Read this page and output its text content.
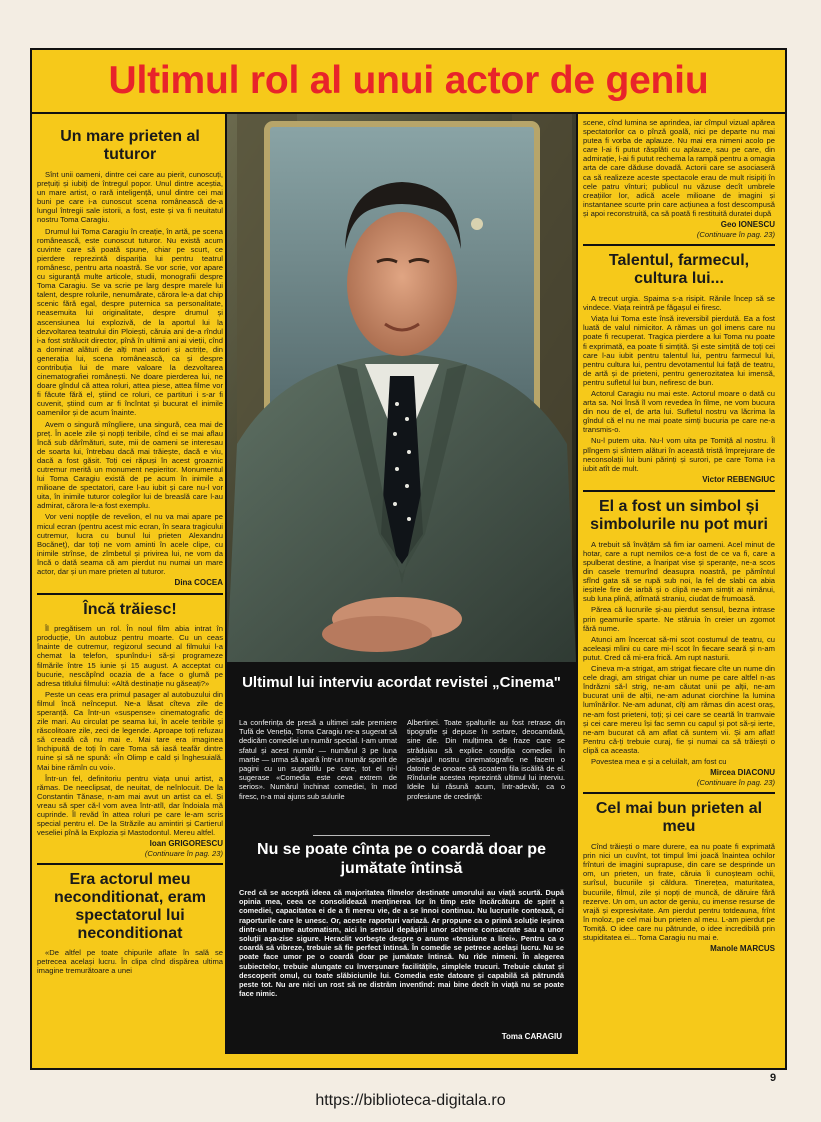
Ultimul rol al unui actor de geniu
Un mare prieten al tuturor

Sînt unii oameni, dintre cei care au pierit, cunoscuți, prețuiți și iubiți de întregul popor. Unul dintre aceștia, un mare artist, o rară inteligență, unul dintre cei mai buni pe care i-a cunoscut scena românească de-a lungul întregii sale istorii, a fost, este și va fi neuitatul nostru Toma Caragiu.

Drumul lui Toma Caragiu în creație, în artă, pe scena românească, este cunoscut tuturor. Nu există acum cuvinte care să poată spune, chiar pe scurt, ce pierdere reprezintă dispariția lui pentru teatrul românesc, pentru arta noastră. Se vor scrie, vor apare cu siguranță multe articole, studii, monografii despre Toma Caragiu. Se va scrie pe larg despre marele lui talent, despre rolurile, nenumărate, cărora le-a dat chip scenic fără egal, despre puternica sa personalitate, neasemuita lui originalitate, despre drumul și ascensiunea lui explozivă, de la aportul lui la dezvoltarea teatrului din Ploiești, căruia ani de-a rîndul i-a fost strălucit director, pînă în ultimii ani ai vieții, cînd a dominat alături de alți mari actori și actrițe, din generația lui, scena românească, ca și despre contribuția lui de mare valoare la dezvoltarea cinematografiei românești. Ne doare pierderea lui, ne doare gîndul că attea roluri, attea piese, attea filme vor fi făcute fără el, știind ce roluri, ce partituri i s-ar fi cuvenit, știind cum ar fi încîntat și bucurat el inimile oamenilor și de acum înainte.

Avem o singură mîngîiere, una singură, cea mai de preț. În acele zile și nopți teribile, cînd ei se mai aflau încă sub dărîmături, sute, mii de oameni se interesau de soarta lui, întrebau dacă mai trăiește, dacă e viu, dacă a fost găsit. Toți cei răpuși în acest groaznic cutremur merită un monument nepieritor. Monumentul lui Toma Caragiu există de pe acum în inimile a milioane de spectatori, care l-au iubit și care nu-l vor uita, în inimile tuturor colegilor lui de breaslă care l-au admirat, cărora le-a fost exemplu.

Vor veni nopțile de revelion, el nu va mai apare pe micul ecran (pentru acest mic ecran, în seara tragicului cutremur, lucra cu bunul lui prieten Alexandru Bocăneț), dar toți ne vom aminti în acele clipe, cu inimile strînse, de zîmbetul și privirea lui, ne vom da încă o dată seama că am pierdut nu numai un mare actor, dar și un mare prieten al tuturor.

Dina COCEA
Încă trăiesc!

Îl pregătisem un rol. În noul film abia intrat în producție, Un autobuz pentru moarte. Cu un ceas înainte de cutremur, regizorul secund al filmului l-a chemat la telefon, spunîndu-i să-și programeze filmările între 15 iunie și 15 august. A acceptat cu bucurie, nescăpînd ocazia de a face o glumă pe adresa titlului filmului: «Altă destinație nu găseați?»

Peste un ceas era primul pasager al autobuzului din filmul încă neînceput. Ne-a lăsat cîteva zile de speranță. Ca într-un «suspense» cinematografic de zile mari. Au circulat pe seama lui, în acele teribile și răscolitoare zile, zeci de legende. Aproape toți refuzau să creadă că nu mai e. Mai tare era imaginea închipuită de toți în care Toma să iasă teafăr dintre ruine și să ne spună: «În Olimp e cald și înghesuială. Mai bine rămîn cu voi».

Într-un fel, definitoriu pentru viața unui artist, a rămas. De neeclipsat, de neuitat, de neînlocuit. De la Constantin Tănase, n-am mai avut un artist ca el. Și vreau să sper că-l vom avea într-atîl, dar îndoiala mă cuprinde. Îl revăd în attea roluri pe care le-am scris special pentru el. De la Străzile au amintiri și Cartierul veseliei pînă la Explozia și Mastodontul. Mereu altfel.

Ioan GRIGORESCU
(Continuare în pag. 23)
Era actorul meu neconditionat, eram spectatorul lui neconditionat

«De altfel pe toate chipurile aflate în sală se petrecea același lucru. În clipa cînd dispărea ultima imagine tremurătoare a unei

Ultimul lui interviu acordat revistei „Cinema"

La conferința de presă a ultimei sale premiere Tufă de Veneția, Toma Caragiu ne-a sugerat să dedicăm comediei un număr special. I-am urmat sfatul și acest număr — numărul 3 pe luna martie — urma să apară într-un număr sporit de pagini cu un supratitlu pe care, tot el ni-l sugerase «Comedia este ceva extrem de serios». Numărul închinat comediei, în mod firesc, n-a mai ajuns sub sulurile

Albertinei. Toate șpalturile au fost retrase din tipografie și depuse în sertare, deocamdată, sine die. Din mulțimea de fraze care se străduiau să explice condiția comediei în peisajul nostru cinematografic ne facem o datorie de onoare să scoatem fila iscălită de el. Rîndurile acestea reprezintă ultimul lui interviu. Ideile lui răsună acum, într-adevăr, ca o profesiune de credință:

Nu se poate cînta pe o coardă doar pe jumătate întinsă

Cred că se acceptă ideea că majoritatea filmelor destinate umorului au viață scurtă. După opinia mea, ceea ce consolidează menținerea lor în timp este încărcătura de spirit a comediei, capacitatea ei de a fi mereu vie, de a se înnoi continuu. Nu lucrurile contează, ci raporturile care le unesc. Or, aceste raporturi variază. Ar propune ca o primă soluție ieșirea dintr-un anume automatism, aici în sensul depășirii unor scheme consacrate sau a unor soluții așa-zise sigure. Heraclit vorbește despre o anume «tensiune a lirei». Pentru ca o coardă să vibreze, trebuie să fie perfect întinsă. În comedie se petrece același lucru. Nu se poate face umor pe o coardă doar pe jumătate întinsă. Nu rîde nimeni. În alegerea subiectelor, trebuie alungate cu înverșunare facilitățile, simplele trucuri. Trebuie căutat și descoperit omul, cu toate slăbiciunile lui. Comedia este datoare și capabilă să pătrundă peste tot. Nu are nici un rost să ne distrăm inventînd: mai bine decît în viață nu se poate face nimic.

Toma CARAGIU

scene, cînd lumina se aprindea, iar cîmpul vizual apărea spectatorilor ca o pînză goală, nici pe departe nu mai putea fi vorba de aplauze. Nu mai era nimeni acolo pe care l-ai fi putut răsplăti cu aplauze, sau pe care, din admirație, l-ai fi putut rechema la rampă pentru a omagia arta de care dăduse dovadă. Actorii care se asociaseră ca să realizeze aceste spectacole erau de mult risipiți în cele patru vînturi; publicul nu văzuse decît umbrele creațiilor lor, adică acele milioane de imagini și instantanee scurte prin care acțiunea a fost descompusă și apoi reconstruită, ca să poată fi restituită duratei după

Geo IONESCU
(Continuare în pag. 23)
Talentul, farmecul, cultura lui...

A trecut urgia. Spaima s-a risipit. Rănile încep să se vindece. Viața reintră pe făgașul ei firesc.

Viața lui Toma este însă ireversibil pierdută. Ea a fost luată de valul nimicitor. A rămas un gol imens care nu poate fi recuperat. Tragica pierdere a lui Toma nu poate fi exprimată, ea poate fi simțită. Și este simțită de toți cei care l-au iubit pentru talentul lui, pentru farmecul lui, pentru cultura lui, pentru devotamentul lui față de teatru, de artă și de prieteni, pentru generozitatea lui imensă, pentru sufletul lui bun, nefiresc de bun.

Actorul Caragiu nu mai este. Actorul moare o dată cu arta sa. Noi însă îl vom revedea în filme, ne vom bucura din nou de el, de arta lui. Sufletul nostru va lăcrima la gîndul că el nu ne mai poate simți bucuria pe care ne-a transmis-o.

Nu-l putem uita. Nu-l vom uita pe Tomiță al nostru. Îl plîngem și sîntem alături în această tristă împrejurare de neconsolații lui buni părinți și surori, pe care Toma i-a iubit atît de mult.

Victor REBENGIUC
El a fost un simbol și simbolurile nu pot muri

A trebuit să învățăm să fim iar oameni. Acel minut de hotar, care a rupt nemilos ce-a fost de ce va fi, care a spulberat destine, a înaripat vise și speranțe, ne-a scos din casele tremurînd deasupra noastră, pe pămîntul sfînd gata să se rupă sub noi, la fel de slabi ca abia ieșitele fire de iarbă și o clipă ne-am simțit ai nimănui, sub luna plină, atîrnată straniu, ciudat de frumoasă.

Părea că lucrurile și-au pierdut sensul, bezna intrase prin geamurile sparte. Ne stăruia în creier un zgomot fără nume.

Atunci am încercat să-mi scot costumul de teatru, cu aceleași mîini cu care mi-l scot în fiecare seară și n-am putut. Cred că mi-era frică. Am rupt nasturii.

Cineva m-a strigat, am strigat fiecare cîte un nume din cele dragi, am strigat chiar un nume pe care altfel n-as îndrăzni să-l strig, ne-am căutat unii pe alții, ne-am bucurat unii de alții, ne-am adunat ciorchine la lumina lumînărilor. Ne-am adunat, cîți am rămas din acest oraș, ne-am fost prieteni, toți; și cei care se ceartă în tramvaie și cei care mereu își fac semn cu capul și pot să-și ierte, ne-am bucurat că am aflat că suntem vii. Și am aflat! Pentru că-ți trebuie curaj, fie și numai ca să trăiești o clipă ca aceasta.

Povestea mea e și a celuilalt, am fost cu

Mircea DIACONU
(Continuare în pag. 23)
Cel mai bun prieten al meu

Cînd trăiești o mare durere, ea nu poate fi exprimată prin nici un cuvînt, tot timpul îmi joacă înaintea ochilor frînturi de imagini suprapuse, din care se desprinde un om, un prieten, un frate, căruia îi cunoșteam ochii, surîsul, bucuriile și căldura. Tinerețea, maturitatea, bucuriile, filmul, zile și nopți de muncă, de dăruire fără rezerve. Un om, un actor de geniu, cu imense resurse de vrajă și expresivitate. Am pierdut pentru totdeauna, frînt în moloz, pe cel mai bun prieten al meu. L-am pierdut pe Tomiță. O idee care nu pătrunde, o idee incredibilă prin stupiditatea ei... Toma Caragiu nu mai e.

Manole MARCUS
9
https://biblioteca-digitala.ro
